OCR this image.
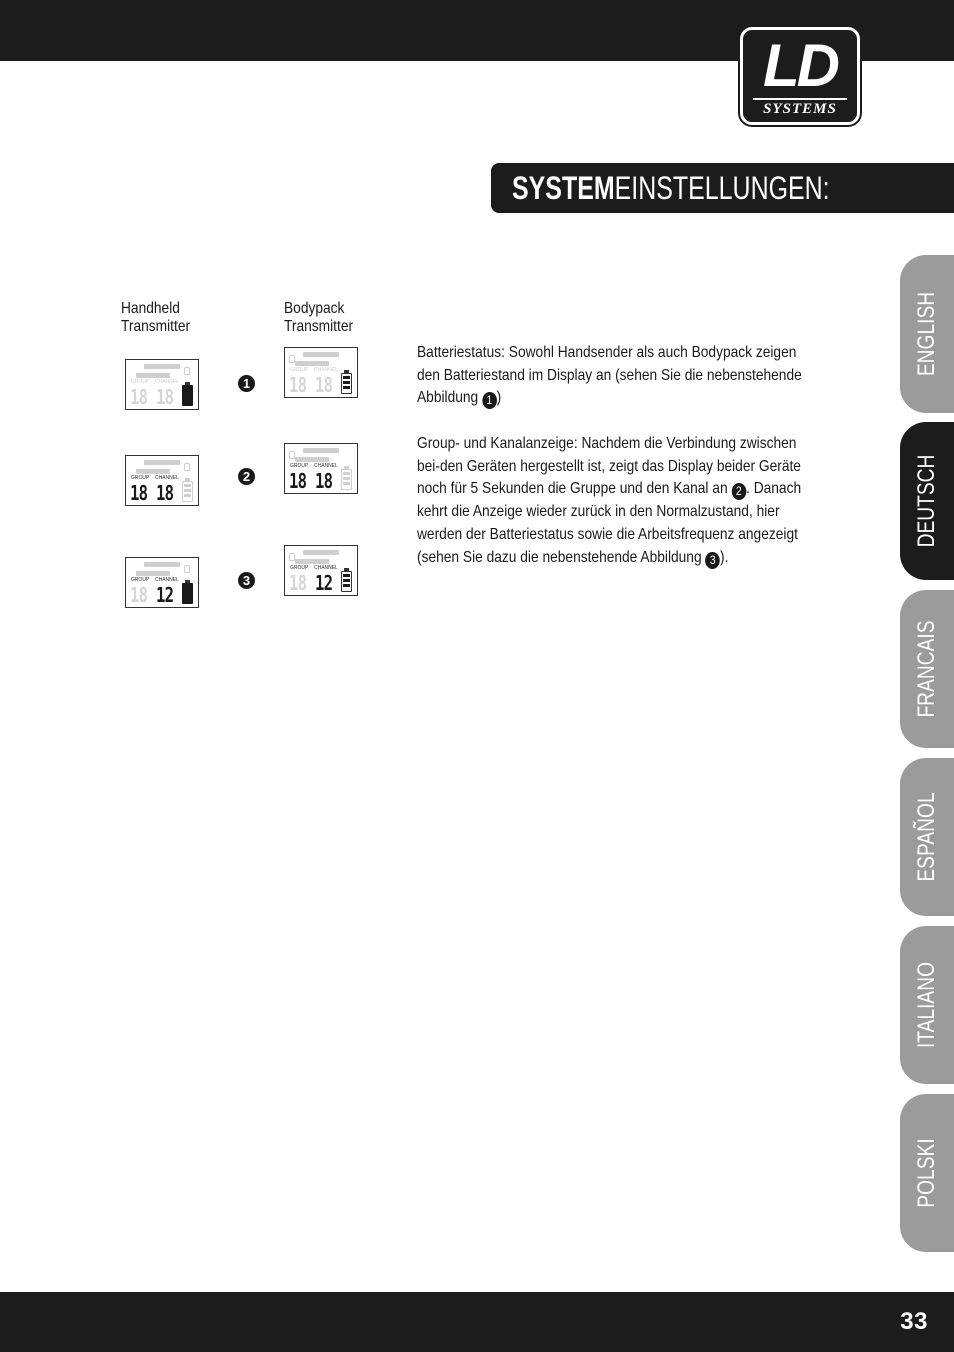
LD
SYSTEMS
SYSTEMEINSTELLUNGEN:
Handheld
Transmitter
Bodypack
Transmitter
GROUP CHANNEL
18 18
GROUP CHANNEL
18 18
1
GROUP CHANNEL
18 18
GROUP CHANNEL
18 18
2
GROUP CHANNEL
18 12
GROUP CHANNEL
18 12
3
Batteriestatus: Sowohl Handsender als auch Bodypack zeigen den Batteriestand im Display an (sehen Sie die nebenstehende Abbildung 1 )
Group- und Kanalanzeige: Nachdem die Verbindung zwischen bei-den Geräten hergestellt ist, zeigt das Display beider Geräte noch für 5 Sekunden die Gruppe und den Kanal an 2 . Danach kehrt die Anzeige wieder zurück in den Normalzustand, hier werden der Batteriestatus sowie die Arbeitsfrequenz angezeigt (sehen Sie dazu die nebenstehende Abbildung 3 ).
ENGLISH
DEUTSCH
FRANCAIS
ESPAÑOL
ITALIANO
POLSKI
33
